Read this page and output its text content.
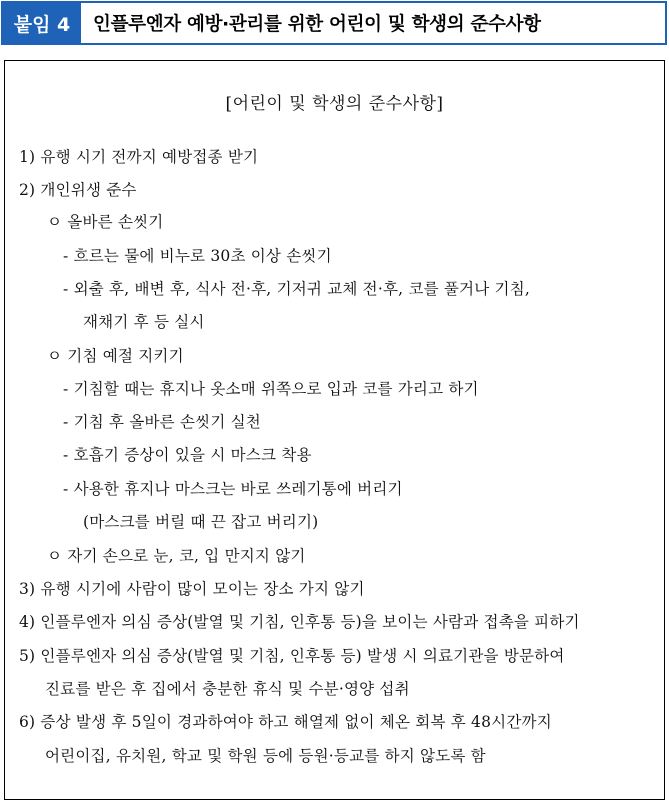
붙임 4	인플루엔자 예방·관리를 위한 어린이 및 학생의 준수사항
[어린이 및 학생의 준수사항]
1) 유행 시기 전까지 예방접종 받기
2) 개인위생 준수
ㅇ 올바른 손씻기
- 흐르는 물에 비누로 30초 이상 손씻기
- 외출 후, 배변 후, 식사 전·후, 기저귀 교체 전·후, 코를 풀거나 기침,
재채기 후 등 실시
ㅇ 기침 예절 지키기
- 기침할 때는 휴지나 옷소매 위쪽으로 입과 코를 가리고 하기
- 기침 후 올바른 손씻기 실천
- 호흡기 증상이 있을 시 마스크 착용
- 사용한 휴지나 마스크는 바로 쓰레기통에 버리기
(마스크를 버릴 때 끈 잡고 버리기)
ㅇ 자기 손으로 눈, 코, 입 만지지 않기
3) 유행 시기에 사람이 많이 모이는 장소 가지 않기
4) 인플루엔자 의심 증상(발열 및 기침, 인후통 등)을 보이는 사람과 접촉을 피하기
5) 인플루엔자 의심 증상(발열 및 기침, 인후통 등) 발생 시 의료기관을 방문하여
진료를 받은 후 집에서 충분한 휴식 및 수분·영양 섭취
6) 증상 발생 후 5일이 경과하여야 하고 해열제 없이 체온 회복 후 48시간까지
어린이집, 유치원, 학교 및 학원 등에 등원·등교를 하지 않도록 함
